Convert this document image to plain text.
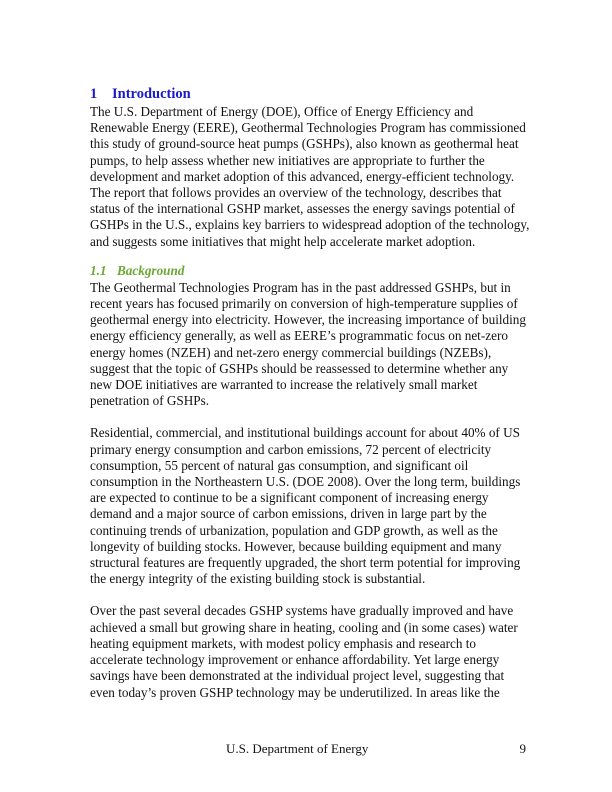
1 Introduction

The U.S. Department of Energy (DOE), Office of Energy Efficiency and Renewable Energy (EERE), Geothermal Technologies Program has commissioned this study of ground-source heat pumps (GSHPs), also known as geothermal heat pumps, to help assess whether new initiatives are appropriate to further the development and market adoption of this advanced, energy-efficient technology. The report that follows provides an overview of the technology, describes that status of the international GSHP market, assesses the energy savings potential of GSHPs in the U.S., explains key barriers to widespread adoption of the technology, and suggests some initiatives that might help accelerate market adoption.

1.1 Background

The Geothermal Technologies Program has in the past addressed GSHPs, but in recent years has focused primarily on conversion of high-temperature supplies of geothermal energy into electricity. However, the increasing importance of building energy efficiency generally, as well as EERE’s programmatic focus on net-zero energy homes (NZEH) and net-zero energy commercial buildings (NZEBs), suggest that the topic of GSHPs should be reassessed to determine whether any new DOE initiatives are warranted to increase the relatively small market penetration of GSHPs.

Residential, commercial, and institutional buildings account for about 40% of US primary energy consumption and carbon emissions, 72 percent of electricity consumption, 55 percent of natural gas consumption, and significant oil consumption in the Northeastern U.S. (DOE 2008). Over the long term, buildings are expected to continue to be a significant component of increasing energy demand and a major source of carbon emissions, driven in large part by the continuing trends of urbanization, population and GDP growth, as well as the longevity of building stocks. However, because building equipment and many structural features are frequently upgraded, the short term potential for improving the energy integrity of the existing building stock is substantial.

Over the past several decades GSHP systems have gradually improved and have achieved a small but growing share in heating, cooling and (in some cases) water heating equipment markets, with modest policy emphasis and research to accelerate technology improvement or enhance affordability. Yet large energy savings have been demonstrated at the individual project level, suggesting that even today’s proven GSHP technology may be underutilized. In areas like the

U.S. Department of Energy	9
